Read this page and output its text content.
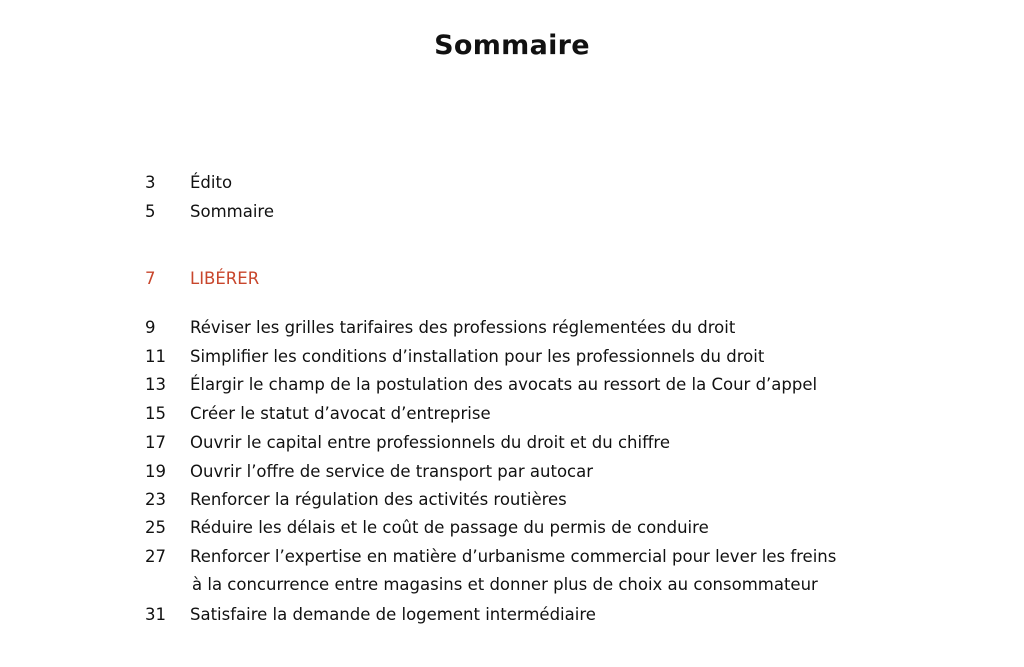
Sommaire
3 Édito
5 Sommaire
7 LIBÉRER
9 Réviser les grilles tarifaires des professions réglementées du droit
11 Simplifier les conditions d’installation pour les professionnels du droit
13 Élargir le champ de la postulation des avocats au ressort de la Cour d’appel
15 Créer le statut d’avocat d’entreprise
17 Ouvrir le capital entre professionnels du droit et du chiffre
19 Ouvrir l’offre de service de transport par autocar
23 Renforcer la régulation des activités routières
25 Réduire les délais et le coût de passage du permis de conduire
27 Renforcer l’expertise en matière d’urbanisme commercial pour lever les freins
à la concurrence entre magasins et donner plus de choix au consommateur
31 Satisfaire la demande de logement intermédiaire
